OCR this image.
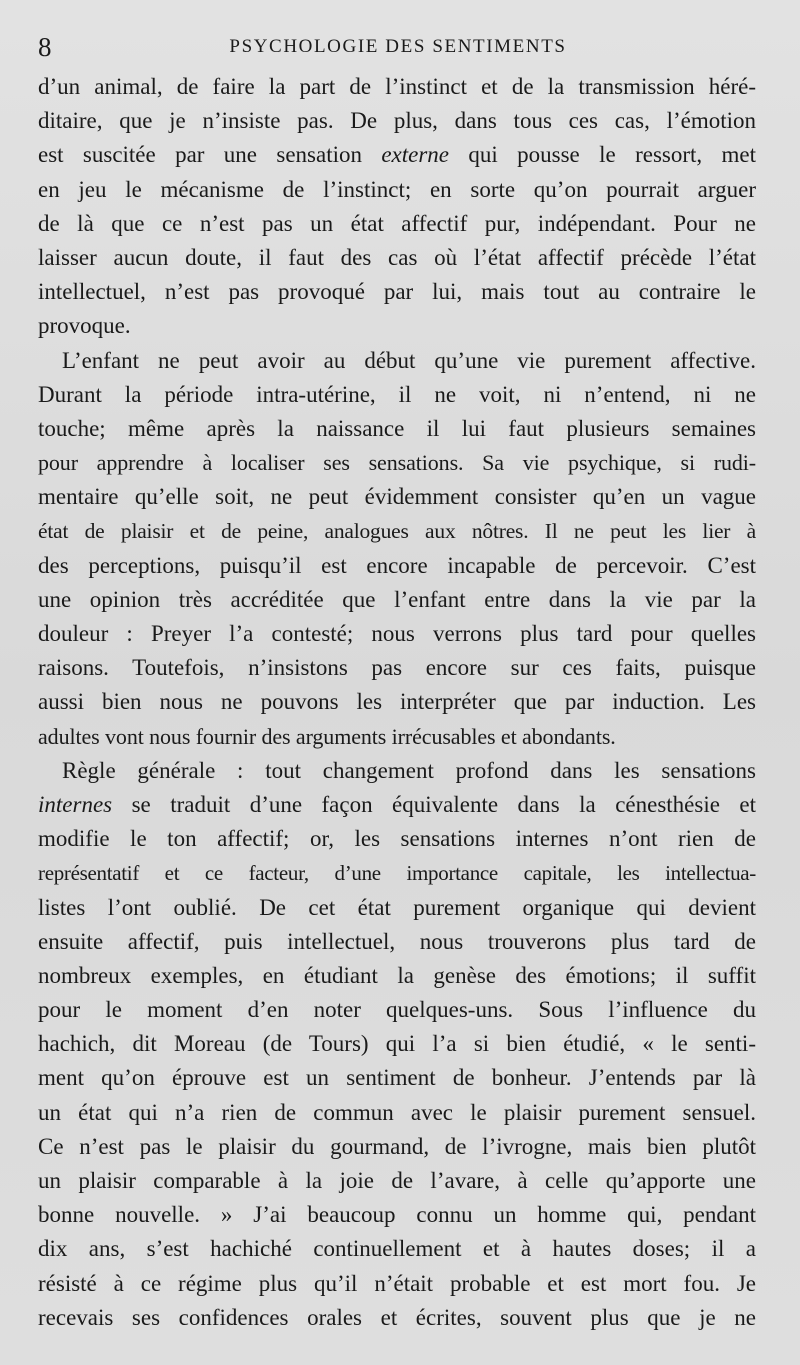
8	PSYCHOLOGIE DES SENTIMENTS
d’un animal, de faire la part de l’instinct et de la transmission héré-
ditaire, que je n’insiste pas. De plus, dans tous ces cas, l’émotion
est suscitée par une sensation externe qui pousse le ressort, met
en jeu le mécanisme de l’instinct; en sorte qu’on pourrait arguer
de là que ce n’est pas un état affectif pur, indépendant. Pour ne
laisser aucun doute, il faut des cas où l’état affectif précède l’état
intellectuel, n’est pas provoqué par lui, mais tout au contraire le
provoque.
L’enfant ne peut avoir au début qu’une vie purement affective.
Durant la période intra-utérine, il ne voit, ni n’entend, ni ne
touche; même après la naissance il lui faut plusieurs semaines
pour apprendre à localiser ses sensations. Sa vie psychique, si rudi-
mentaire qu’elle soit, ne peut évidemment consister qu’en un vague
état de plaisir et de peine, analogues aux nôtres. Il ne peut les lier à
des perceptions, puisqu’il est encore incapable de percevoir. C’est
une opinion très accréditée que l’enfant entre dans la vie par la
douleur : Preyer l’a contesté; nous verrons plus tard pour quelles
raisons. Toutefois, n’insistons pas encore sur ces faits, puisque
aussi bien nous ne pouvons les interpréter que par induction. Les
adultes vont nous fournir des arguments irrécusables et abondants.
Règle générale : tout changement profond dans les sensations
internes se traduit d’une façon équivalente dans la cénesthésie et
modifie le ton affectif; or, les sensations internes n’ont rien de
représentatif et ce facteur, d’une importance capitale, les intellectua-
listes l’ont oublié. De cet état purement organique qui devient
ensuite affectif, puis intellectuel, nous trouverons plus tard de
nombreux exemples, en étudiant la genèse des émotions; il suffit
pour le moment d’en noter quelques-uns. Sous l’influence du
hachich, dit Moreau (de Tours) qui l’a si bien étudié, « le senti-
ment qu’on éprouve est un sentiment de bonheur. J’entends par là
un état qui n’a rien de commun avec le plaisir purement sensuel.
Ce n’est pas le plaisir du gourmand, de l’ivrogne, mais bien plutôt
un plaisir comparable à la joie de l’avare, à celle qu’apporte une
bonne nouvelle. » J’ai beaucoup connu un homme qui, pendant
dix ans, s’est hachiché continuellement et à hautes doses; il a
résisté à ce régime plus qu’il n’était probable et est mort fou. Je
recevais ses confidences orales et écrites, souvent plus que je ne
